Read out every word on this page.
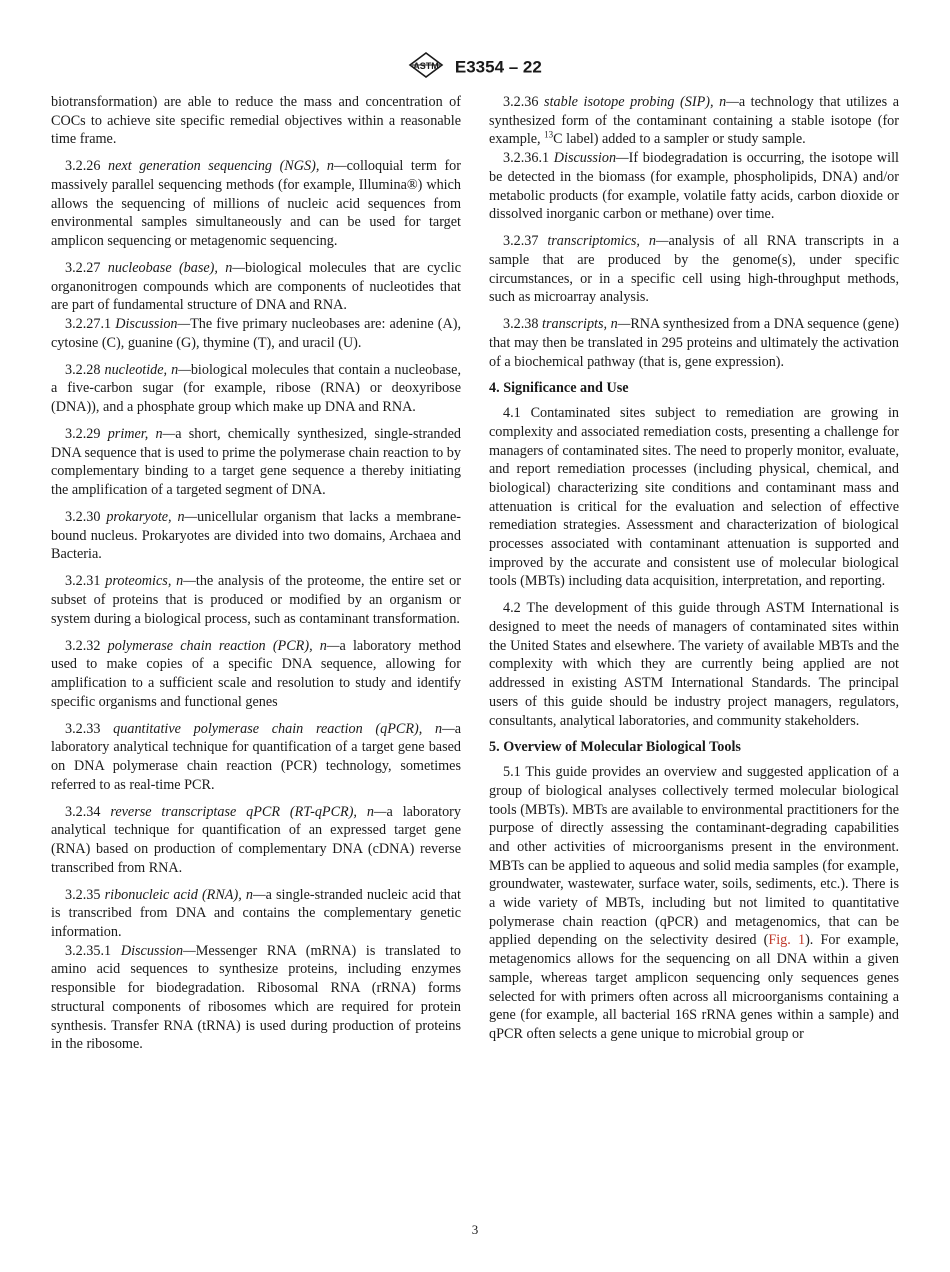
ASTM E3354 – 22

biotransformation) are able to reduce the mass and concentration of COCs to achieve site specific remedial objectives within a reasonable time frame.

3.2.26 next generation sequencing (NGS), n—colloquial term for massively parallel sequencing methods (for example, Illumina®) which allows the sequencing of millions of nucleic acid sequences from environmental samples simultaneously and can be used for target amplicon sequencing or metagenomic sequencing.

3.2.27 nucleobase (base), n—biological molecules that are cyclic organonitrogen compounds which are components of nucleotides that are part of fundamental structure of DNA and RNA.

3.2.27.1 Discussion—The five primary nucleobases are: adenine (A), cytosine (C), guanine (G), thymine (T), and uracil (U).

3.2.28 nucleotide, n—biological molecules that contain a nucleobase, a five-carbon sugar (for example, ribose (RNA) or deoxyribose (DNA)), and a phosphate group which make up DNA and RNA.

3.2.29 primer, n—a short, chemically synthesized, single-stranded DNA sequence that is used to prime the polymerase chain reaction to by complementary binding to a target gene sequence a thereby initiating the amplification of a targeted segment of DNA.

3.2.30 prokaryote, n—unicellular organism that lacks a membrane-bound nucleus. Prokaryotes are divided into two domains, Archaea and Bacteria.

3.2.31 proteomics, n—the analysis of the proteome, the entire set or subset of proteins that is produced or modified by an organism or system during a biological process, such as contaminant transformation.

3.2.32 polymerase chain reaction (PCR), n—a laboratory method used to make copies of a specific DNA sequence, allowing for amplification to a sufficient scale and resolution to study and identify specific organisms and functional genes

3.2.33 quantitative polymerase chain reaction (qPCR), n—a laboratory analytical technique for quantification of a target gene based on DNA polymerase chain reaction (PCR) technology, sometimes referred to as real-time PCR.

3.2.34 reverse transcriptase qPCR (RT-qPCR), n—a laboratory analytical technique for quantification of an expressed target gene (RNA) based on production of complementary DNA (cDNA) reverse transcribed from RNA.

3.2.35 ribonucleic acid (RNA), n—a single-stranded nucleic acid that is transcribed from DNA and contains the complementary genetic information.

3.2.35.1 Discussion—Messenger RNA (mRNA) is translated to amino acid sequences to synthesize proteins, including enzymes responsible for biodegradation. Ribosomal RNA (rRNA) forms structural components of ribosomes which are required for protein synthesis. Transfer RNA (tRNA) is used during production of proteins in the ribosome.

3.2.36 stable isotope probing (SIP), n—a technology that utilizes a synthesized form of the contaminant containing a stable isotope (for example, $^{13}$C label) added to a sampler or study sample.

3.2.36.1 Discussion—If biodegradation is occurring, the isotope will be detected in the biomass (for example, phospholipids, DNA) and/or metabolic products (for example, volatile fatty acids, carbon dioxide or dissolved inorganic carbon or methane) over time.

3.2.37 transcriptomics, n—analysis of all RNA transcripts in a sample that are produced by the genome(s), under specific circumstances, or in a specific cell using high-throughput methods, such as microarray analysis.

3.2.38 transcripts, n—RNA synthesized from a DNA sequence (gene) that may then be translated in 295 proteins and ultimately the activation of a biochemical pathway (that is, gene expression).

4. Significance and Use

4.1 Contaminated sites subject to remediation are growing in complexity and associated remediation costs, presenting a challenge for managers of contaminated sites. The need to properly monitor, evaluate, and report remediation processes (including physical, chemical, and biological) characterizing site conditions and contaminant mass and attenuation is critical for the evaluation and selection of effective remediation strategies. Assessment and characterization of biological processes associated with contaminant attenuation is supported and improved by the accurate and consistent use of molecular biological tools (MBTs) including data acquisition, interpretation, and reporting.

4.2 The development of this guide through ASTM International is designed to meet the needs of managers of contaminated sites within the United States and elsewhere. The variety of available MBTs and the complexity with which they are currently being applied are not addressed in existing ASTM International Standards. The principal users of this guide should be industry project managers, regulators, consultants, analytical laboratories, and community stakeholders.

5. Overview of Molecular Biological Tools

5.1 This guide provides an overview and suggested application of a group of biological analyses collectively termed molecular biological tools (MBTs). MBTs are available to environmental practitioners for the purpose of directly assessing the contaminant-degrading capabilities and other activities of microorganisms present in the environment. MBTs can be applied to aqueous and solid media samples (for example, groundwater, wastewater, surface water, soils, sediments, etc.). There is a wide variety of MBTs, including but not limited to quantitative polymerase chain reaction (qPCR) and metagenomics, that can be applied depending on the selectivity desired (Fig. 1). For example, metagenomics allows for the sequencing on all DNA within a given sample, whereas target amplicon sequencing only sequences genes selected for with primers often across all microorganisms containing a gene (for example, all bacterial 16S rRNA genes within a sample) and qPCR often selects a gene unique to microbial group or

3
